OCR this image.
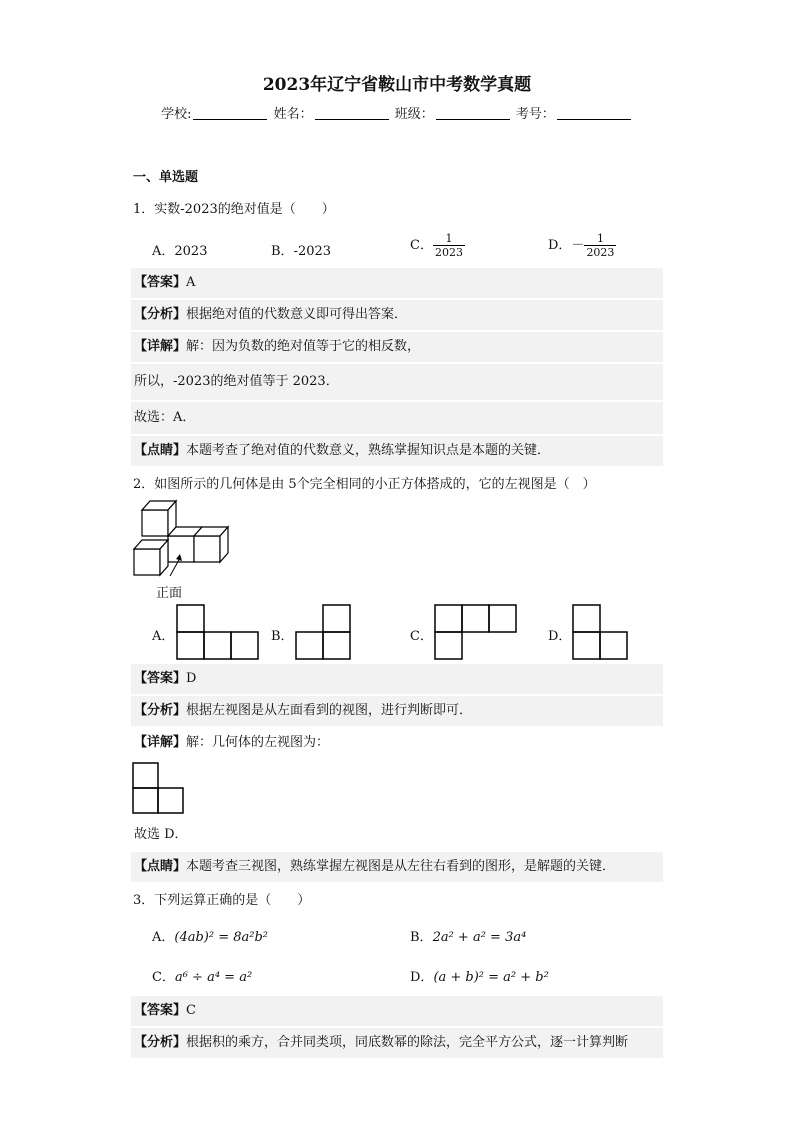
2023年辽宁省鞍山市中考数学真题
学校:	姓名：	班级：	考号：
一、单选题
1．实数-2023的绝对值是（　　）
A．2023	B．-2023	C． $\frac{1}{2023}$	D．－ $\frac{1}{2023}$
【答案】A
【分析】根据绝对值的代数意义即可得出答案．
【详解】解：因为负数的绝对值等于它的相反数，
所以，-2023的绝对值等于 2023．
故选：A．
【点睛】本题考查了绝对值的代数意义，熟练掌握知识点是本题的关键．
2．如图所示的几何体是由 5个完全相同的小正方体搭成的，它的左视图是（　）
正面
A．	B．	C．	D．
【答案】D
【分析】根据左视图是从左面看到的视图，进行判断即可．
【详解】解：几何体的左视图为：
故选 D．
【点睛】本题考查三视图，熟练掌握左视图是从左往右看到的图形，是解题的关键．
3．下列运算正确的是（　　）
A．(4ab)² = 8a²b²	B．2a² + a² = 3a⁴
C．a⁶ ÷ a⁴ = a²	D．(a + b)² = a² + b²
【答案】C
【分析】根据积的乘方，合并同类项，同底数幂的除法，完全平方公式，逐一计算判断
